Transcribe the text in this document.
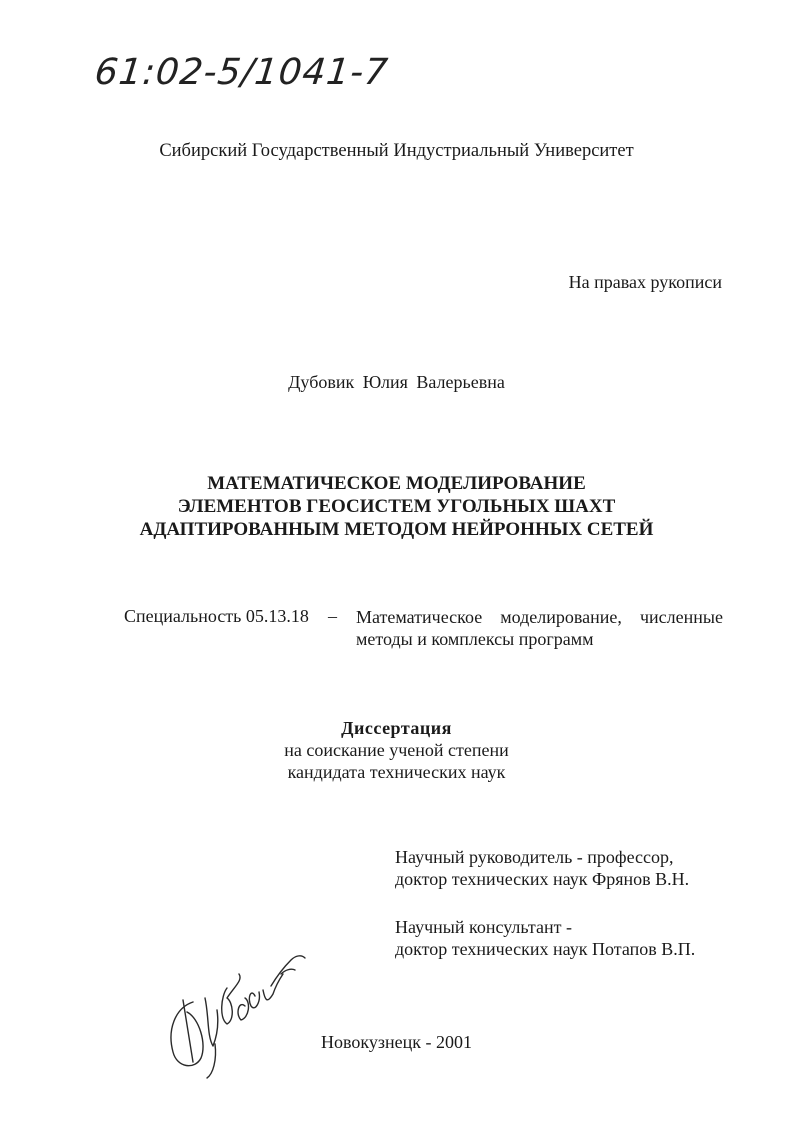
61:02-5/1041-7
Сибирский Государственный Индустриальный Университет
На правах рукописи
Дубовик Юлия Валерьевна
МАТЕМАТИЧЕСКОЕ МОДЕЛИРОВАНИЕ
ЭЛЕМЕНТОВ ГЕОСИСТЕМ УГОЛЬНЫХ ШАХТ
АДАПТИРОВАННЫМ МЕТОДОМ НЕЙРОННЫХ СЕТЕЙ
Специальность 05.13.18 – Математическое моделирование, численные
методы и комплексы программ
Диссертация
на соискание ученой степени
кандидата технических наук
Научный руководитель - профессор,
доктор технических наук Фрянов В.Н.
Научный консультант -
доктор технических наук Потапов В.П.
Новокузнецк - 2001
